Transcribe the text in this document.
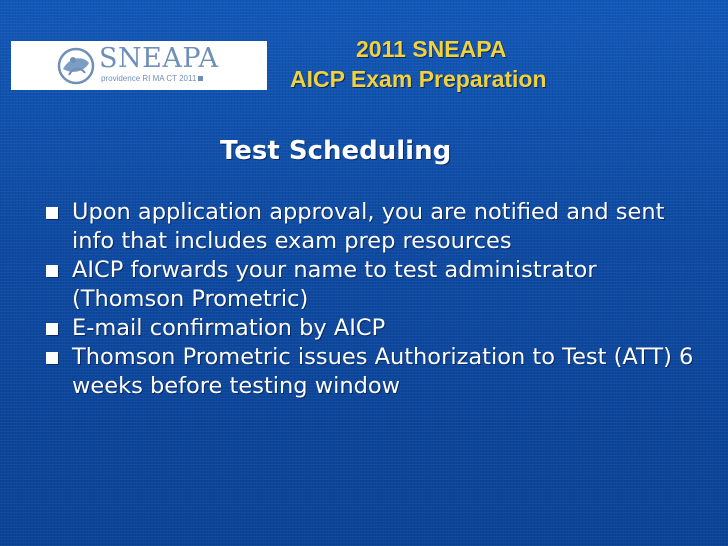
SNEAPA
providence RI MA CT 2011
2011 SNEAPA
AICP Exam Preparation
Test Scheduling
Upon application approval, you are notified and sent info that includes exam prep resources
AICP forwards your name to test administrator (Thomson Prometric)
E-mail confirmation by AICP
Thomson Prometric issues Authorization to Test (ATT) 6 weeks before testing window
